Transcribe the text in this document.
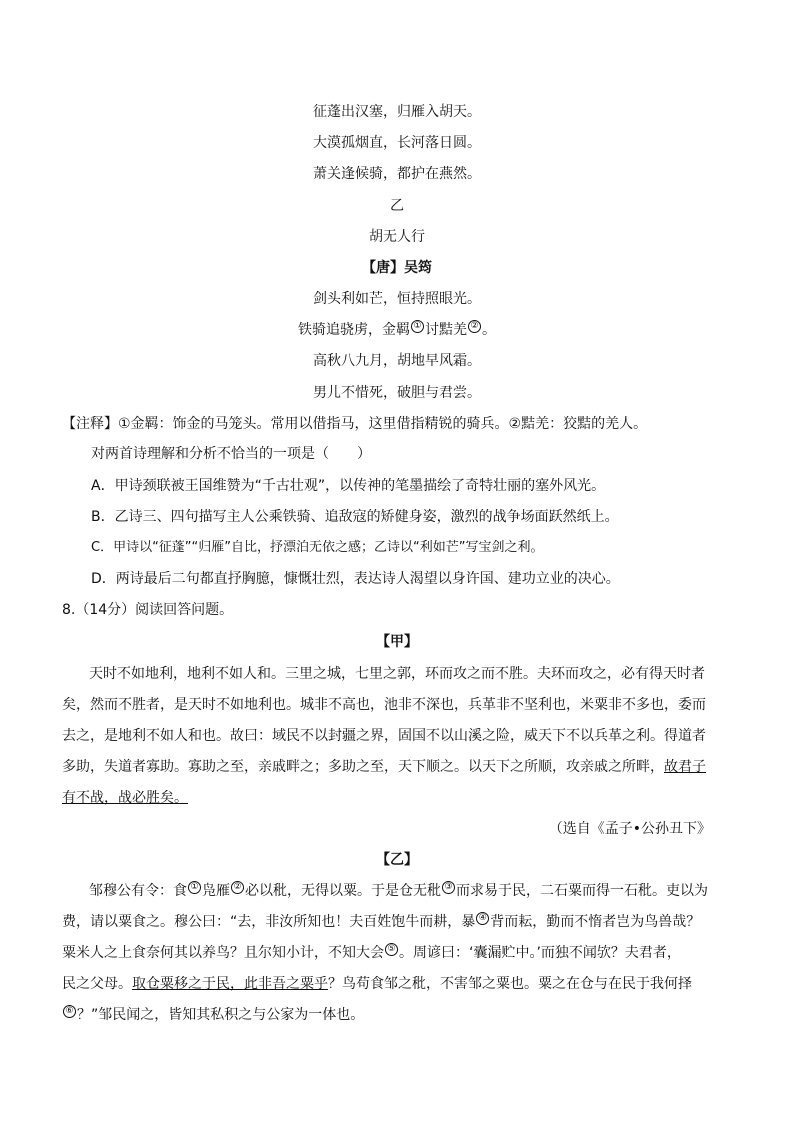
征蓬出汉塞，归雁入胡天。
大漠孤烟直，长河落日圆。
萧关逢候骑，都护在燕然。
乙
胡无人行
【唐】吴筠
剑头利如芒，恒持照眼光。
铁骑追骁虏，金羁 ① 讨黠羌 ② 。
高秋八九月，胡地早风霜。
男儿不惜死，破胆与君尝。
【注释】①金羁：饰金的马笼头。常用以借指马，这里借指精锐的骑兵。②黠羌：狡黠的羌人。
对两首诗理解和分析不恰当的一项是（　　）
A．甲诗颈联被王国维赞为“千古壮观”，以传神的笔墨描绘了奇特壮丽的塞外风光。
B．乙诗三、四句描写主人公乘铁骑、追敌寇的矫健身姿，激烈的战争场面跃然纸上。
C．甲诗以“征蓬”“归雁”自比，抒漂泊无依之感；乙诗以“利如芒”写宝剑之利。
D．两诗最后二句都直抒胸臆，慷慨壮烈，表达诗人渴望以身许国、建功立业的决心。
8.（14分）阅读回答问题。
【甲】
天时不如地利，地利不如人和。三里之城，七里之郭，环而攻之而不胜。夫环而攻之，必有得天时者
矣，然而不胜者，是天时不如地利也。城非不高也，池非不深也，兵革非不坚利也，米粟非不多也，委而
去之，是地利不如人和也。故曰：域民不以封疆之界，固国不以山溪之险，威天下不以兵革之利。得道者
多助，失道者寡助。寡助之至，亲戚畔之；多助之至，天下顺之。以天下之所顺，攻亲戚之所畔，故君子
有不战，战必胜矣。
（选自《孟子•公孙丑下》
【乙】
邹穆公有令：食 ① 凫雁 ② 必以秕，无得以粟。于是仓无秕 ③ 而求易于民，二石粟而得一石秕。吏以为
费，请以粟食之。穆公曰：“去，非汝所知也！夫百姓饱牛而耕，暴 ④ 背而耘，勤而不惰者岂为鸟兽哉？
粟米人之上食奈何其以养鸟？且尔知小计，不知大会 ⑤ 。周谚曰：‘囊漏贮中。’而独不闻欤？夫君者，
民之父母。取仓粟移之于民，此非吾之粟乎？鸟苟食邹之秕，不害邹之粟也。粟之在仓与在民于我何择
⑥ ？”邹民闻之，皆知其私积之与公家为一体也。
